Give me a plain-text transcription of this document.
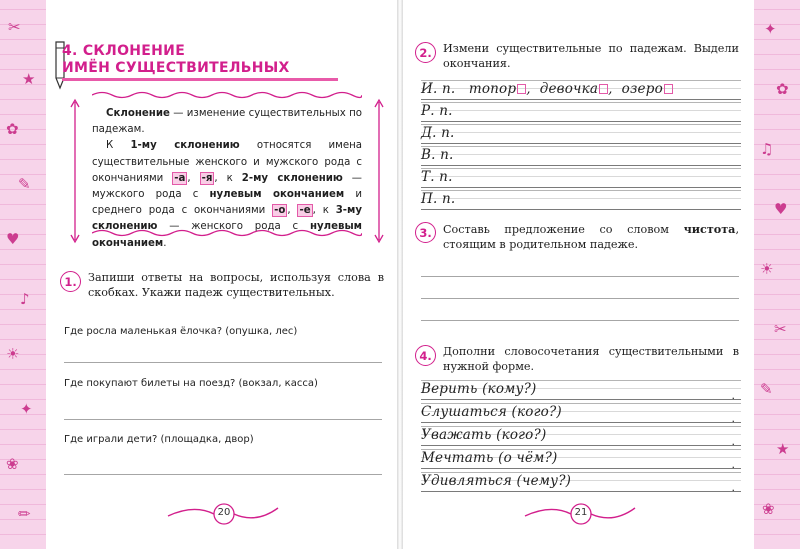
✂
★
✿
✎
♥
♪
☀
✦
❀
✏
✦
✿
♫
♥
☀
✂
✎
★
❀
4. СКЛОНЕНИЕ
ИМЁН СУЩЕСТВИТЕЛЬНЫХ

Склонение — изменение существительных по падежам.

К 1-му склонению относятся имена существительные женского и мужского рода с окончаниями -а , -я , к 2-му склонению — мужского рода с нулевым окончанием и среднего рода с окончаниями -о , -е , к 3-му склонению — женского рода с нулевым окончанием.

1.	Запиши ответы на вопросы, используя слова в скобках. Укажи падеж существительных.
Где росла маленькая ёлочка? (опушка, лес)
Где покупают билеты на поезд? (вокзал, касса)
Где играли дети? (площадка, двор)
20
2.	Измени существительные по падежам. Выдели окончания.
И. п. топор ,  девочка ,  озеро
Р. п.
Д. п.
В. п.
Т. п.
П. п.
3.	Составь предложение со словом чистота, стоящим в родительном падеже.
4.	Дополни словосочетания существительными в нужной форме.
Верить (кому?)	.
Слушаться (кого?)	.
Уважать (кого?)	.
Мечтать (о чём?)	.
Удивляться (чему?)	.
21
